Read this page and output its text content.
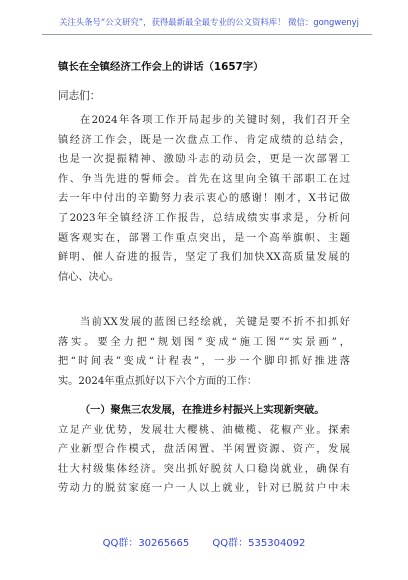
关注头条号“公文研究”，获得最新最全最专业的公文资料库！ 微信：gongwenyj
镇长在全镇经济工作会上的讲话（1657字）
同志们：
在2024年各项工作开局起步的关键时刻，我们召开全
镇经济工作会，既是一次盘点工作、肯定成绩的总结会，
也是一次提振精神、激励斗志的动员会，更是一次部署工
作、争当先进的誓师会。首先在这里向全镇干部职工在过
去一年中付出的辛勤努力表示衷心的感谢！刚才，X书记做
了2023年全镇经济工作报告，总结成绩实事求是，分析问
题客观实在，部署工作重点突出，是一个高举旗帜、主题
鲜明、催人奋进的报告，坚定了我们加快XX高质量发展的
信心、决心。
当前XX发展的蓝图已经绘就，关键是要不折不扣抓好
落实。要全力把“规划图”变成“施工图”“实景画”，
把“时间表”变成“计程表”，一步一个脚印抓好推进落
实。2024年重点抓好以下六个方面的工作：
（一）聚焦三农发展，在推进乡村振兴上实现新突破。
立足产业优势，发展壮大樱桃、油橄榄、花椒产业。探索
产业新型合作模式，盘活闲置、半闲置资源、资产，发展
壮大村级集体经济。突出抓好脱贫人口稳岗就业，确保有
劳动力的脱贫家庭一户一人以上就业，针对已脱贫户中未
QQ群：30265665 QQ群：535304092
